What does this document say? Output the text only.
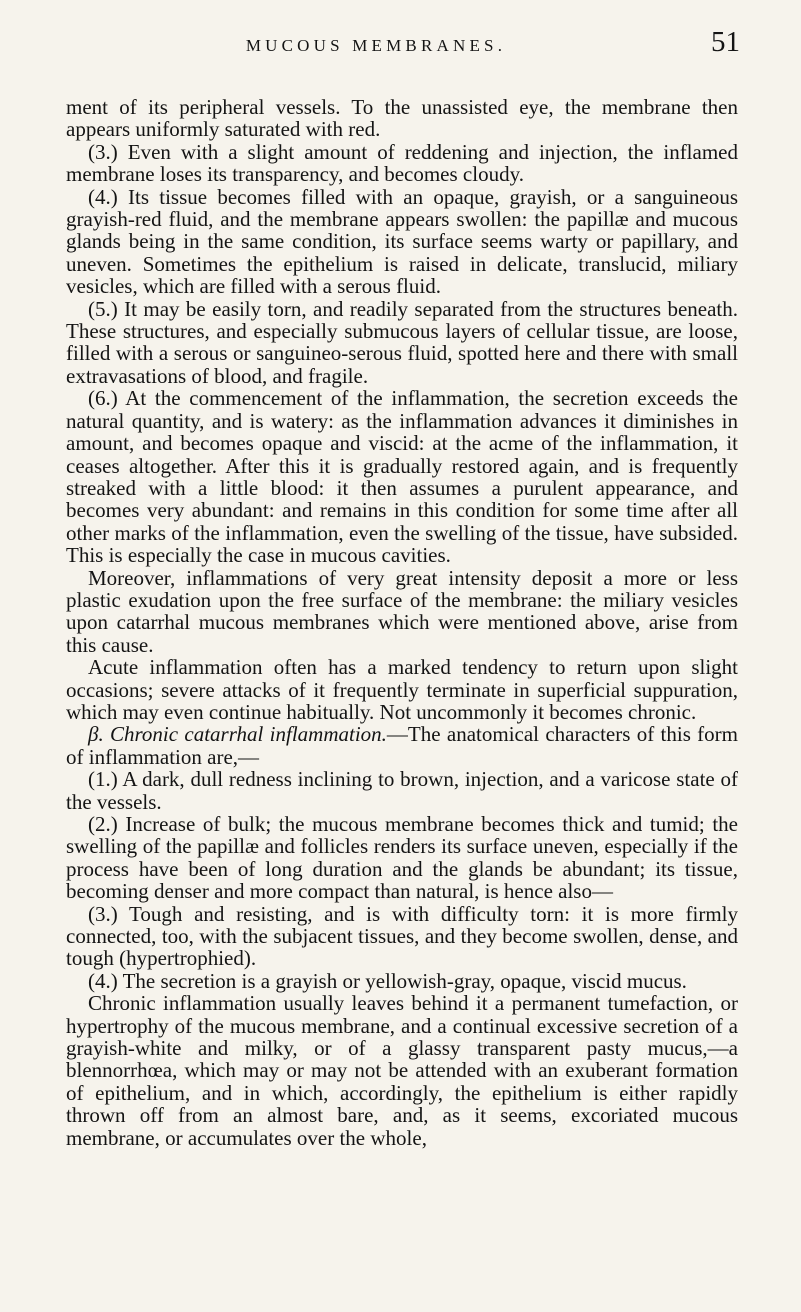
MUCOUS MEMBRANES.	51

ment of its peripheral vessels. To the unassisted eye, the membrane then appears uniformly saturated with red.

(3.) Even with a slight amount of reddening and injection, the inflamed membrane loses its transparency, and becomes cloudy.

(4.) Its tissue becomes filled with an opaque, grayish, or a sanguineous grayish-red fluid, and the membrane appears swollen: the papillæ and mucous glands being in the same condition, its surface seems warty or papillary, and uneven. Sometimes the epithelium is raised in delicate, translucid, miliary vesicles, which are filled with a serous fluid.

(5.) It may be easily torn, and readily separated from the structures beneath. These structures, and especially submucous layers of cellular tissue, are loose, filled with a serous or sanguineo-serous fluid, spotted here and there with small extravasations of blood, and fragile.

(6.) At the commencement of the inflammation, the secretion exceeds the natural quantity, and is watery: as the inflammation advances it diminishes in amount, and becomes opaque and viscid: at the acme of the inflammation, it ceases altogether. After this it is gradually restored again, and is frequently streaked with a little blood: it then assumes a purulent appearance, and becomes very abundant: and remains in this condition for some time after all other marks of the inflammation, even the swelling of the tissue, have subsided. This is especially the case in mucous cavities.

Moreover, inflammations of very great intensity deposit a more or less plastic exudation upon the free surface of the membrane: the miliary vesicles upon catarrhal mucous membranes which were mentioned above, arise from this cause.

Acute inflammation often has a marked tendency to return upon slight occasions; severe attacks of it frequently terminate in superficial suppuration, which may even continue habitually. Not uncommonly it becomes chronic.

β. Chronic catarrhal inflammation.—The anatomical characters of this form of inflammation are,—

(1.) A dark, dull redness inclining to brown, injection, and a varicose state of the vessels.

(2.) Increase of bulk; the mucous membrane becomes thick and tumid; the swelling of the papillæ and follicles renders its surface uneven, especially if the process have been of long duration and the glands be abundant; its tissue, becoming denser and more compact than natural, is hence also—

(3.) Tough and resisting, and is with difficulty torn: it is more firmly connected, too, with the subjacent tissues, and they become swollen, dense, and tough (hypertrophied).

(4.) The secretion is a grayish or yellowish-gray, opaque, viscid mucus.

Chronic inflammation usually leaves behind it a permanent tumefaction, or hypertrophy of the mucous membrane, and a continual excessive secretion of a grayish-white and milky, or of a glassy transparent pasty mucus,—a blennorrhœa, which may or may not be attended with an exuberant formation of epithelium, and in which, accordingly, the epithelium is either rapidly thrown off from an almost bare, and, as it seems, excoriated mucous membrane, or accumulates over the whole,
